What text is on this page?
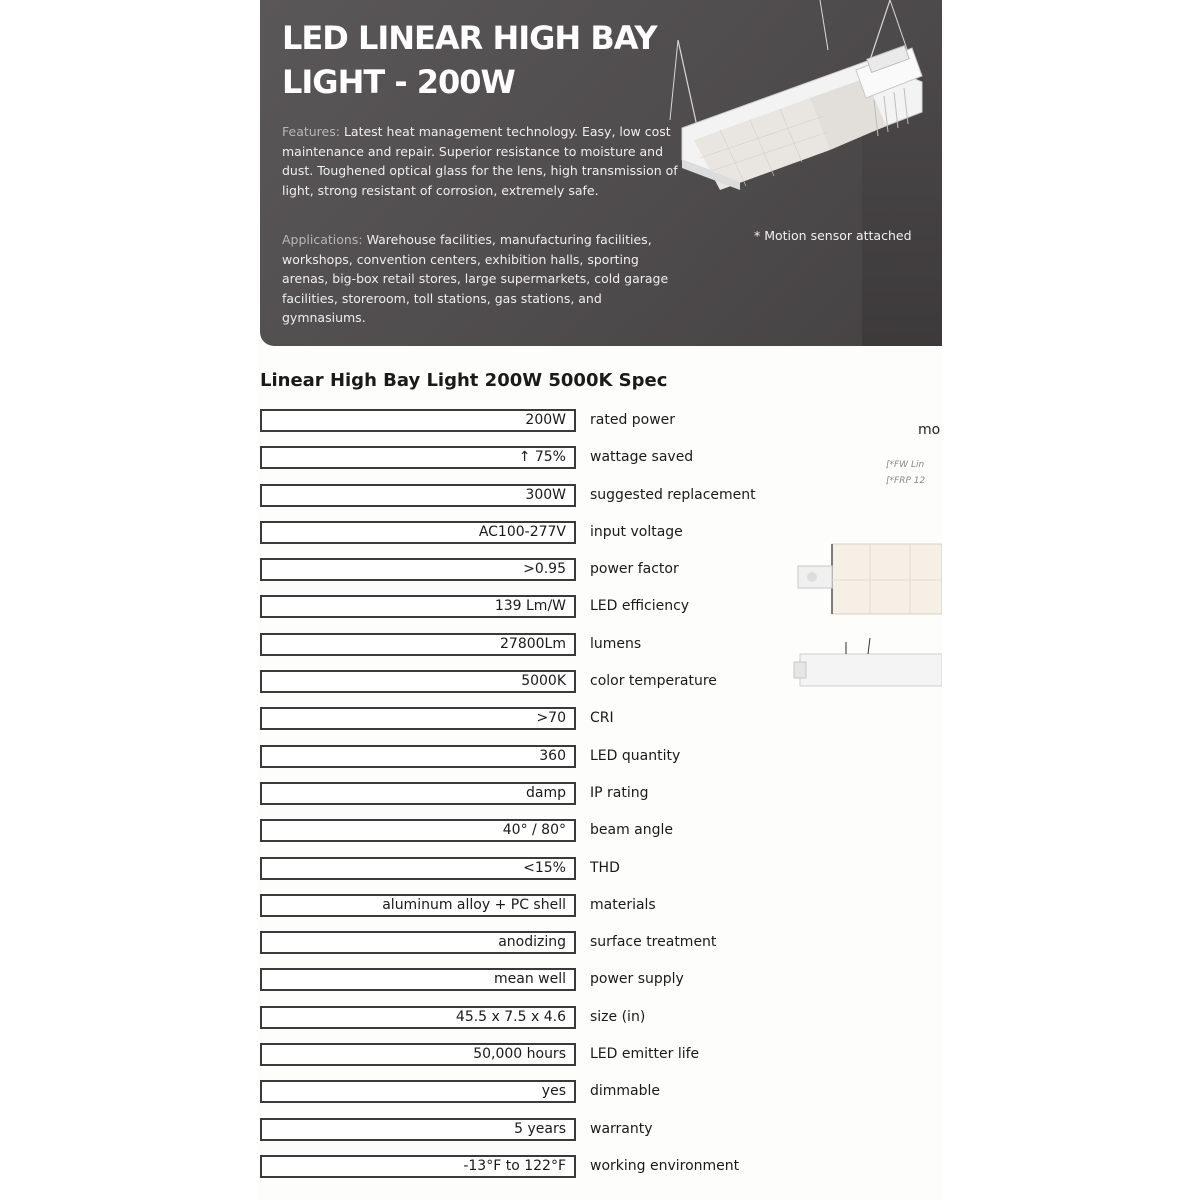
LED LINEAR HIGH BAY LIGHT - 200W

Features: Latest heat management technology. Easy, low cost maintenance and repair. Superior resistance to moisture and dust. Toughened optical glass for the lens, high transmission of light, strong resistant of corrosion, extremely safe.

Applications: Warehouse facilities, manufacturing facilities, workshops, convention centers, exhibition halls, sporting arenas, big-box retail stores, large supermarkets, cold garage facilities, storeroom, toll stations, gas stations, and gymnasiums.

* Motion sensor attached
Linear High Bay Light 200W 5000K Spec
200W	rated power
↑ 75%	wattage saved
300W	suggested replacement
AC100-277V	input voltage
>0.95	power factor
139 Lm/W	LED efficiency
27800Lm	lumens
5000K	color temperature
>70	CRI
360	LED quantity
damp	IP rating
40° / 80°	beam angle
<15%	THD
aluminum alloy + PC shell	materials
anodizing	surface treatment
mean well	power supply
45.5 x 7.5 x 4.6	size (in)
50,000 hours	LED emitter life
yes	dimmable
5 years	warranty
-13°F to 122°F	working environment
mo
[*FW Lin
[*FRP 12
